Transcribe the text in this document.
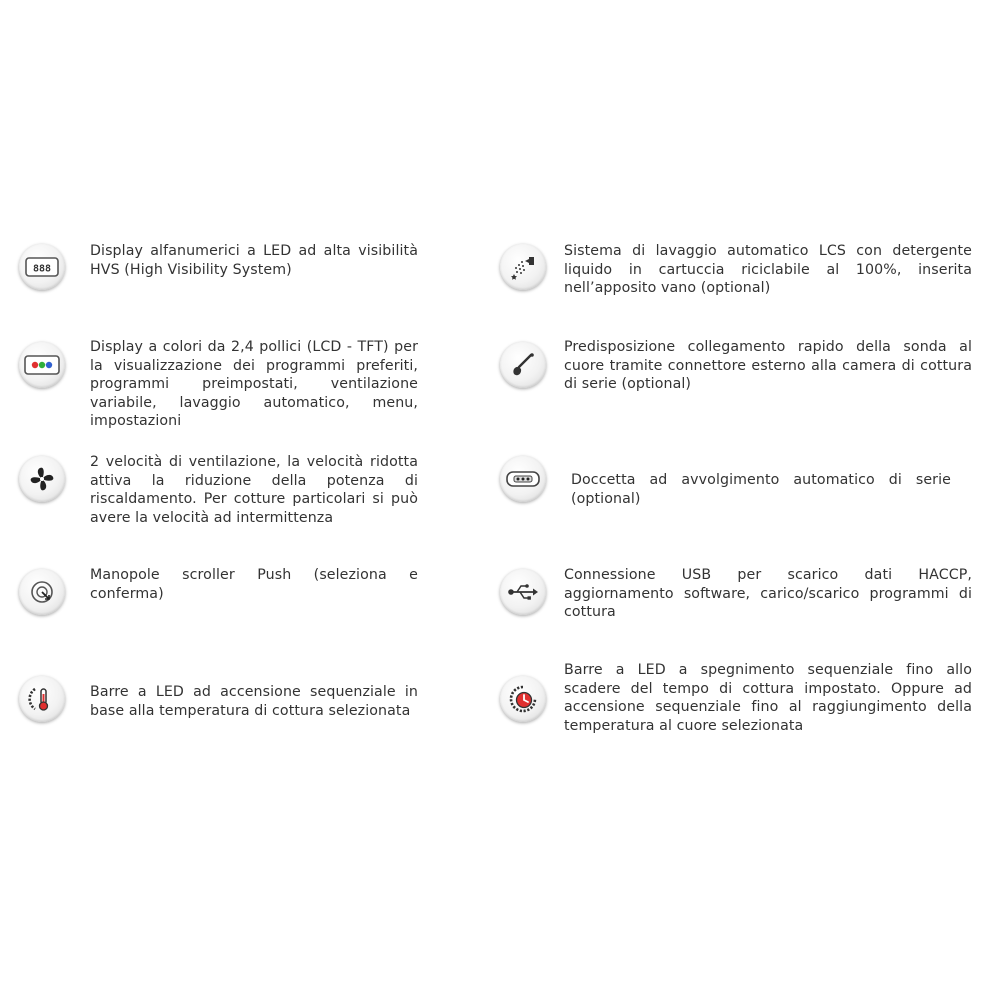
888
Display alfanumerici a LED ad alta visibilità HVS (High Visibility System)
Display a colori da 2,4 pollici (LCD - TFT) per la visualizzazione dei programmi preferiti, programmi preimpostati, ventilazione variabile, lavaggio automatico, menu, impostazioni
2 velocità di ventilazione, la velocità ridotta attiva la riduzione della potenza di riscaldamento. Per cotture particolari si può avere la velocità ad intermittenza
Manopole scroller Push (seleziona e conferma)
Barre a LED ad accensione sequenziale in base alla temperatura di cottura selezionata
Sistema di lavaggio automatico LCS con detergente liquido in cartuccia riciclabile al 100%, inserita nell’apposito vano (optional)
Predisposizione collegamento rapido della sonda al cuore tramite connettore esterno alla camera di cottura di serie (optional)
Doccetta ad avvolgimento automatico di serie (optional)
Connessione USB per scarico dati HACCP, aggiornamento software, carico/scarico programmi di cottura
Barre a LED a spegnimento sequenziale fino allo scadere del tempo di cottura impostato. Oppure ad accensione sequenziale fino al raggiungimento della temperatura al cuore selezionata
